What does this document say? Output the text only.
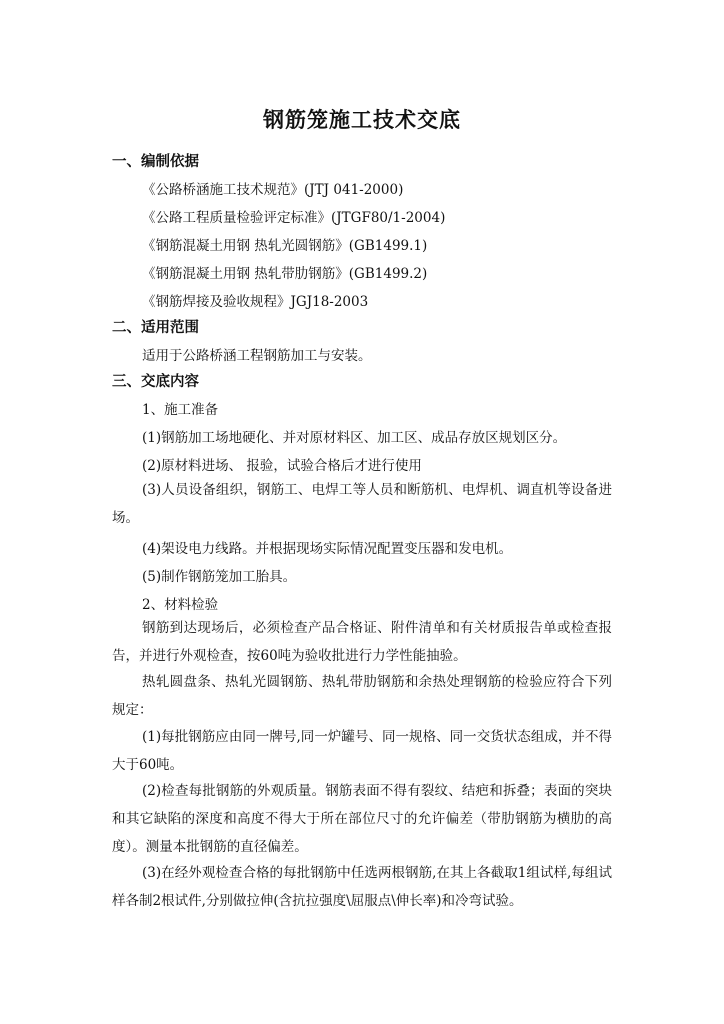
钢筋笼施工技术交底
一、编制依据
《公路桥涵施工技术规范》(JTJ 041-2000)
《公路工程质量检验评定标准》(JTGF80/1-2004)
《钢筋混凝土用钢 热轧光圆钢筋》(GB1499.1)
《钢筋混凝土用钢 热轧带肋钢筋》(GB1499.2)
《钢筋焊接及验收规程》JGJ18-2003
二、适用范围
适用于公路桥涵工程钢筋加工与安装。
三、交底内容
1、施工准备
(1)钢筋加工场地硬化、并对原材料区、加工区、成品存放区规划区分。
(2)原材料进场、 报验，试验合格后才进行使用
(3)人员设备组织，钢筋工、电焊工等人员和断筋机、电焊机、调直机等设备进场。
(4)架设电力线路。并根据现场实际情况配置变压器和发电机。
(5)制作钢筋笼加工胎具。
2、材料检验
钢筋到达现场后，必须检查产品合格证、附件清单和有关材质报告单或检查报告，并进行外观检查，按60吨为验收批进行力学性能抽验。
热轧圆盘条、热轧光圆钢筋、热轧带肋钢筋和余热处理钢筋的检验应符合下列规定：
(1)每批钢筋应由同一牌号,同一炉罐号、同一规格、同一交货状态组成，并不得大于60吨。
(2)检查每批钢筋的外观质量。钢筋表面不得有裂纹、结疤和拆叠；表面的突块和其它缺陷的深度和高度不得大于所在部位尺寸的允许偏差（带肋钢筋为横肋的高度）。测量本批钢筋的直径偏差。
(3)在经外观检查合格的每批钢筋中任选两根钢筋,在其上各截取1组试样,每组试样各制2根试件,分别做拉伸(含抗拉强度\屈服点\伸长率)和冷弯试验。
